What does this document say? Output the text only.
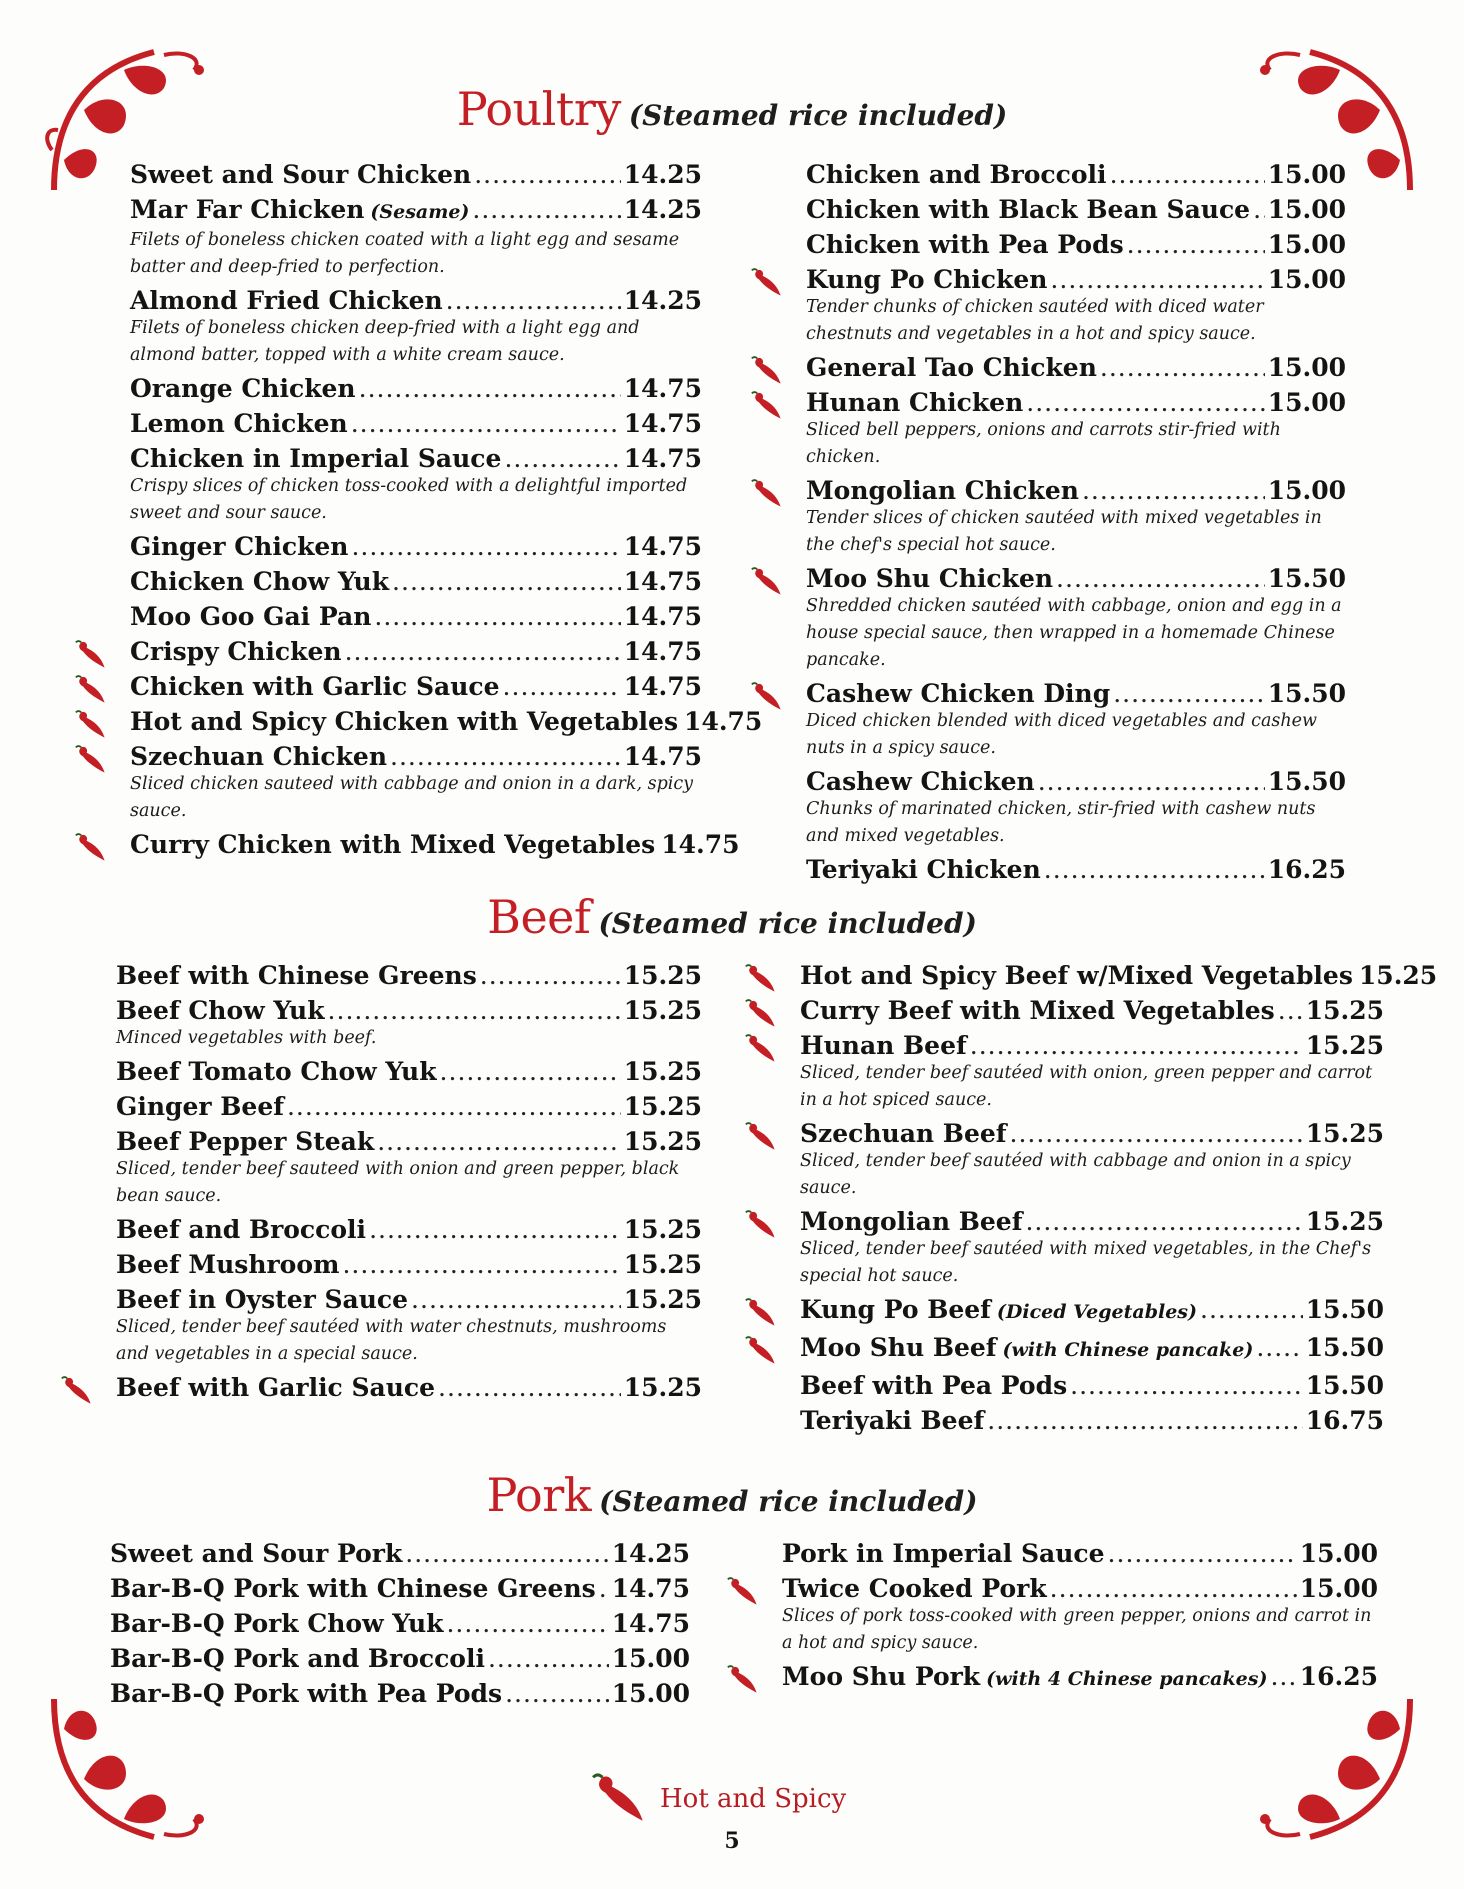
Poultry (Steamed rice included)
Sweet and Sour Chicken .....	14.25
Mar Far Chicken (Sesame) .....	14.25
Filets of boneless chicken coated with a light egg and sesame batter and deep-fried to perfection.
Almond Fried Chicken .....	14.25
Filets of boneless chicken deep-fried with a light egg and almond batter, topped with a white cream sauce.
Orange Chicken .....	14.75
Lemon Chicken .....	14.75
Chicken in Imperial Sauce .....	14.75
Crispy slices of chicken toss-cooked with a delightful imported sweet and sour sauce.
Ginger Chicken .....	14.75
Chicken Chow Yuk .....	14.75
Moo Goo Gai Pan .....	14.75
Crispy Chicken .....	14.75
Chicken with Garlic Sauce .....	14.75
Hot and Spicy Chicken with Vegetables 14.75
Szechuan Chicken .....	14.75
Sliced chicken sauteed with cabbage and onion in a dark, spicy sauce.
Curry Chicken with Mixed Vegetables 14.75
Chicken and Broccoli .....	15.00
Chicken with Black Bean Sauce ..... 15.00
Chicken with Pea Pods .....	15.00
Kung Po Chicken .....	15.00
Tender chunks of chicken sautéed with diced water chestnuts and vegetables in a hot and spicy sauce.
General Tao Chicken .....	15.00
Hunan Chicken .....	15.00
Sliced bell peppers, onions and carrots stir-fried with chicken.
Mongolian Chicken .....	15.00
Tender slices of chicken sautéed with mixed vegetables in the chef's special hot sauce.
Moo Shu Chicken .....	15.50
Shredded chicken sautéed with cabbage, onion and egg in a house special sauce, then wrapped in a homemade Chinese pancake.
Cashew Chicken Ding .....	15.50
Diced chicken blended with diced vegetables and cashew nuts in a spicy sauce.
Cashew Chicken .....	15.50
Chunks of marinated chicken, stir-fried with cashew nuts and mixed vegetables.
Teriyaki Chicken .....	16.25
Beef (Steamed rice included)
Beef with Chinese Greens .....	15.25
Beef Chow Yuk .....	15.25
Minced vegetables with beef.
Beef Tomato Chow Yuk .....	15.25
Ginger Beef .....	15.25
Beef Pepper Steak .....	15.25
Sliced, tender beef sauteed with onion and green pepper, black bean sauce.
Beef and Broccoli .....	15.25
Beef Mushroom .....	15.25
Beef in Oyster Sauce .....	15.25
Sliced, tender beef sautéed with water chestnuts, mushrooms and vegetables in a special sauce.
Beef with Garlic Sauce .....	15.25
Hot and Spicy Beef w/Mixed Vegetables 15.25
Curry Beef with Mixed Vegetables ..... 15.25
Hunan Beef .....	15.25
Sliced, tender beef sautéed with onion, green pepper and carrot in a hot spiced sauce.
Szechuan Beef .....	15.25
Sliced, tender beef sautéed with cabbage and onion in a spicy sauce.
Mongolian Beef .....	15.25
Sliced, tender beef sautéed with mixed vegetables, in the Chef's special hot sauce.
Kung Po Beef (Diced Vegetables) .....	15.50
Moo Shu Beef (with Chinese pancake) ..... 15.50
Beef with Pea Pods .....	15.50
Teriyaki Beef .....	16.75
Pork (Steamed rice included)
Sweet and Sour Pork .....	14.25
Bar-B-Q Pork with Chinese Greens ..... 14.75
Bar-B-Q Pork Chow Yuk .....	14.75
Bar-B-Q Pork and Broccoli .....	15.00
Bar-B-Q Pork with Pea Pods .....	15.00
Pork in Imperial Sauce .....	15.00
Twice Cooked Pork .....	15.00
Slices of pork toss-cooked with green pepper, onions and carrot in a hot and spicy sauce.
Moo Shu Pork (with 4 Chinese pancakes) ..... 16.25
Hot and Spicy
5
